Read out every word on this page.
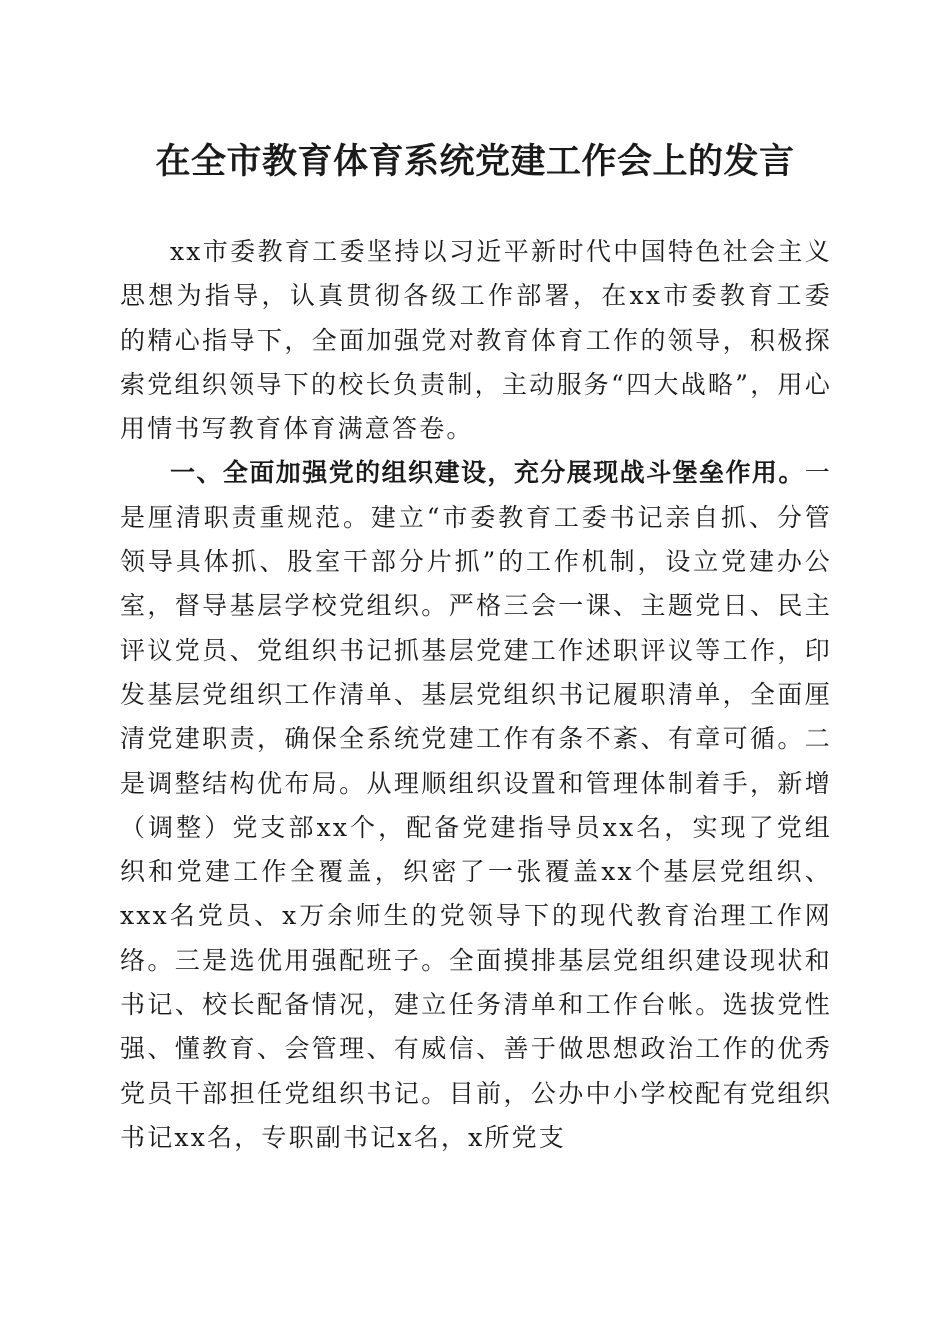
在全市教育体育系统党建工作会上的发言

xx市委教育工委坚持以习近平新时代中国特色社会主义思想为指导，认真贯彻各级工作部署，在xx市委教育工委的精心指导下，全面加强党对教育体育工作的领导，积极探索党组织领导下的校长负责制，主动服务“四大战略”，用心用情书写教育体育满意答卷。

一、全面加强党的组织建设，充分展现战斗堡垒作用。一是厘清职责重规范。建立“市委教育工委书记亲自抓、分管领导具体抓、股室干部分片抓”的工作机制，设立党建办公室，督导基层学校党组织。严格三会一课、主题党日、民主评议党员、党组织书记抓基层党建工作述职评议等工作，印发基层党组织工作清单、基层党组织书记履职清单，全面厘清党建职责，确保全系统党建工作有条不紊、有章可循。二是调整结构优布局。从理顺组织设置和管理体制着手，新增（调整）党支部xx个，配备党建指导员xx名，实现了党组织和党建工作全覆盖，织密了一张覆盖xx个基层党组织、xxx名党员、x万余师生的党领导下的现代教育治理工作网络。三是选优用强配班子。全面摸排基层党组织建设现状和书记、校长配备情况，建立任务清单和工作台帐。选拔党性强、懂教育、会管理、有威信、善于做思想政治工作的优秀党员干部担任党组织书记。目前，公办中小学校配有党组织书记xx名，专职副书记x名，x所党支
